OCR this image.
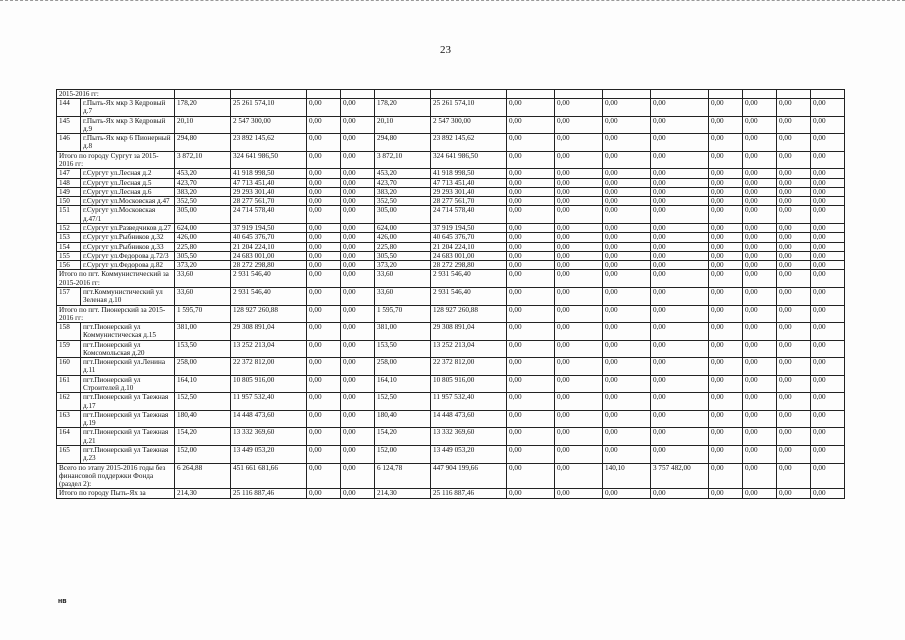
23
2015-2016 гг:															
144	г.Пыть-Ях мкр 3 Кедровый д.7	178,20	25 261 574,10	0,00	0,00	178,20	25 261 574,10	0,00	0,00	0,00	0,00	0,00	0,00	0,00	0,00
145	г.Пыть-Ях мкр 3 Кедровый д.9	20,10	2 547 300,00	0,00	0,00	20,10	2 547 300,00	0,00	0,00	0,00	0,00	0,00	0,00	0,00	0,00
146	г.Пыть-Ях мкр 6 Пионерный д.8	294,80	23 892 145,62	0,00	0,00	294,80	23 892 145,62	0,00	0,00	0,00	0,00	0,00	0,00	0,00	0,00
Итого по городу Сургут за 2015-2016 гг:		3 872,10	324 641 986,50	0,00	0,00	3 872,10	324 641 986,50	0,00	0,00	0,00	0,00	0,00	0,00	0,00	0,00
147	г.Сургут ул.Лесная д.2	453,20	41 918 998,50	0,00	0,00	453,20	41 918 998,50	0,00	0,00	0,00	0,00	0,00	0,00	0,00	0,00
148	г.Сургут ул.Лесная д.5	423,70	47 713 451,40	0,00	0,00	423,70	47 713 451,40	0,00	0,00	0,00	0,00	0,00	0,00	0,00	0,00
149	г.Сургут ул.Лесная д.6	383,20	29 293 301,40	0,00	0,00	383,20	29 293 301,40	0,00	0,00	0,00	0,00	0,00	0,00	0,00	0,00
150	г.Сургут ул.Московская д.47	352,50	28 277 561,70	0,00	0,00	352,50	28 277 561,70	0,00	0,00	0,00	0,00	0,00	0,00	0,00	0,00
151	г.Сургут ул.Московская д.47/1	305,00	24 714 578,40	0,00	0,00	305,00	24 714 578,40	0,00	0,00	0,00	0,00	0,00	0,00	0,00	0,00
152	г.Сургут ул.Разведчиков д.27	624,00	37 919 194,50	0,00	0,00	624,00	37 919 194,50	0,00	0,00	0,00	0,00	0,00	0,00	0,00	0,00
153	г.Сургут ул.Рыбников д.32	426,00	40 645 376,70	0,00	0,00	426,00	40 645 376,70	0,00	0,00	0,00	0,00	0,00	0,00	0,00	0,00
154	г.Сургут ул.Рыбников д.33	225,80	21 204 224,10	0,00	0,00	225,80	21 204 224,10	0,00	0,00	0,00	0,00	0,00	0,00	0,00	0,00
155	г.Сургут ул.Федорова д.72/3	305,50	24 683 001,00	0,00	0,00	305,50	24 683 001,00	0,00	0,00	0,00	0,00	0,00	0,00	0,00	0,00
156	г.Сургут ул.Федорова д.82	373,20	28 272 298,80	0,00	0,00	373,20	28 272 298,80	0,00	0,00	0,00	0,00	0,00	0,00	0,00	0,00
Итого по пгт. Коммунистический за 2015-2016 гг:		33,60	2 931 546,40	0,00	0,00	33,60	2 931 546,40	0,00	0,00	0,00	0,00	0,00	0,00	0,00	0,00
157	пгт.Коммунистический ул Зеленая д.10	33,60	2 931 546,40	0,00	0,00	33,60	2 931 546,40	0,00	0,00	0,00	0,00	0,00	0,00	0,00	0,00
Итого по пгт. Пионерский за 2015-2016 гг:		1 595,70	128 927 260,88	0,00	0,00	1 595,70	128 927 260,88	0,00	0,00	0,00	0,00	0,00	0,00	0,00	0,00
158	пгт.Пионерский ул Коммунистическая д.15	381,00	29 308 891,04	0,00	0,00	381,00	29 308 891,04	0,00	0,00	0,00	0,00	0,00	0,00	0,00	0,00
159	пгт.Пионерский ул Комсомольская д.20	153,50	13 252 213,04	0,00	0,00	153,50	13 252 213,04	0,00	0,00	0,00	0,00	0,00	0,00	0,00	0,00
160	пгт.Пионерский ул.Ленина д.11	258,00	22 372 812,00	0,00	0,00	258,00	22 372 812,00	0,00	0,00	0,00	0,00	0,00	0,00	0,00	0,00
161	пгт.Пионерский ул Строителей д.10	164,10	10 805 916,00	0,00	0,00	164,10	10 805 916,00	0,00	0,00	0,00	0,00	0,00	0,00	0,00	0,00
162	пгт.Пионерский ул Таежная д.17	152,50	11 957 532,40	0,00	0,00	152,50	11 957 532,40	0,00	0,00	0,00	0,00	0,00	0,00	0,00	0,00
163	пгт.Пионерский ул Таежная д.19	180,40	14 448 473,60	0,00	0,00	180,40	14 448 473,60	0,00	0,00	0,00	0,00	0,00	0,00	0,00	0,00
164	пгт.Пионерский ул Таежная д.21	154,20	13 332 369,60	0,00	0,00	154,20	13 332 369,60	0,00	0,00	0,00	0,00	0,00	0,00	0,00	0,00
165	пгт.Пионерский ул Таежная д.23	152,00	13 449 053,20	0,00	0,00	152,00	13 449 053,20	0,00	0,00	0,00	0,00	0,00	0,00	0,00	0,00
Всего по этапу 2015-2016 годы без финансовой поддержки Фонда (раздел 2):		6 264,88	451 661 681,66	0,00	0,00	6 124,78	447 904 199,66	0,00	0,00	140,10	3 757 482,00	0,00	0,00	0,00	0,00
Итого по городу Пыть-Ях за		214,30	25 116 887,46	0,00	0,00	214,30	25 116 887,46	0,00	0,00	0,00	0,00	0,00	0,00	0,00	0,00
нв
